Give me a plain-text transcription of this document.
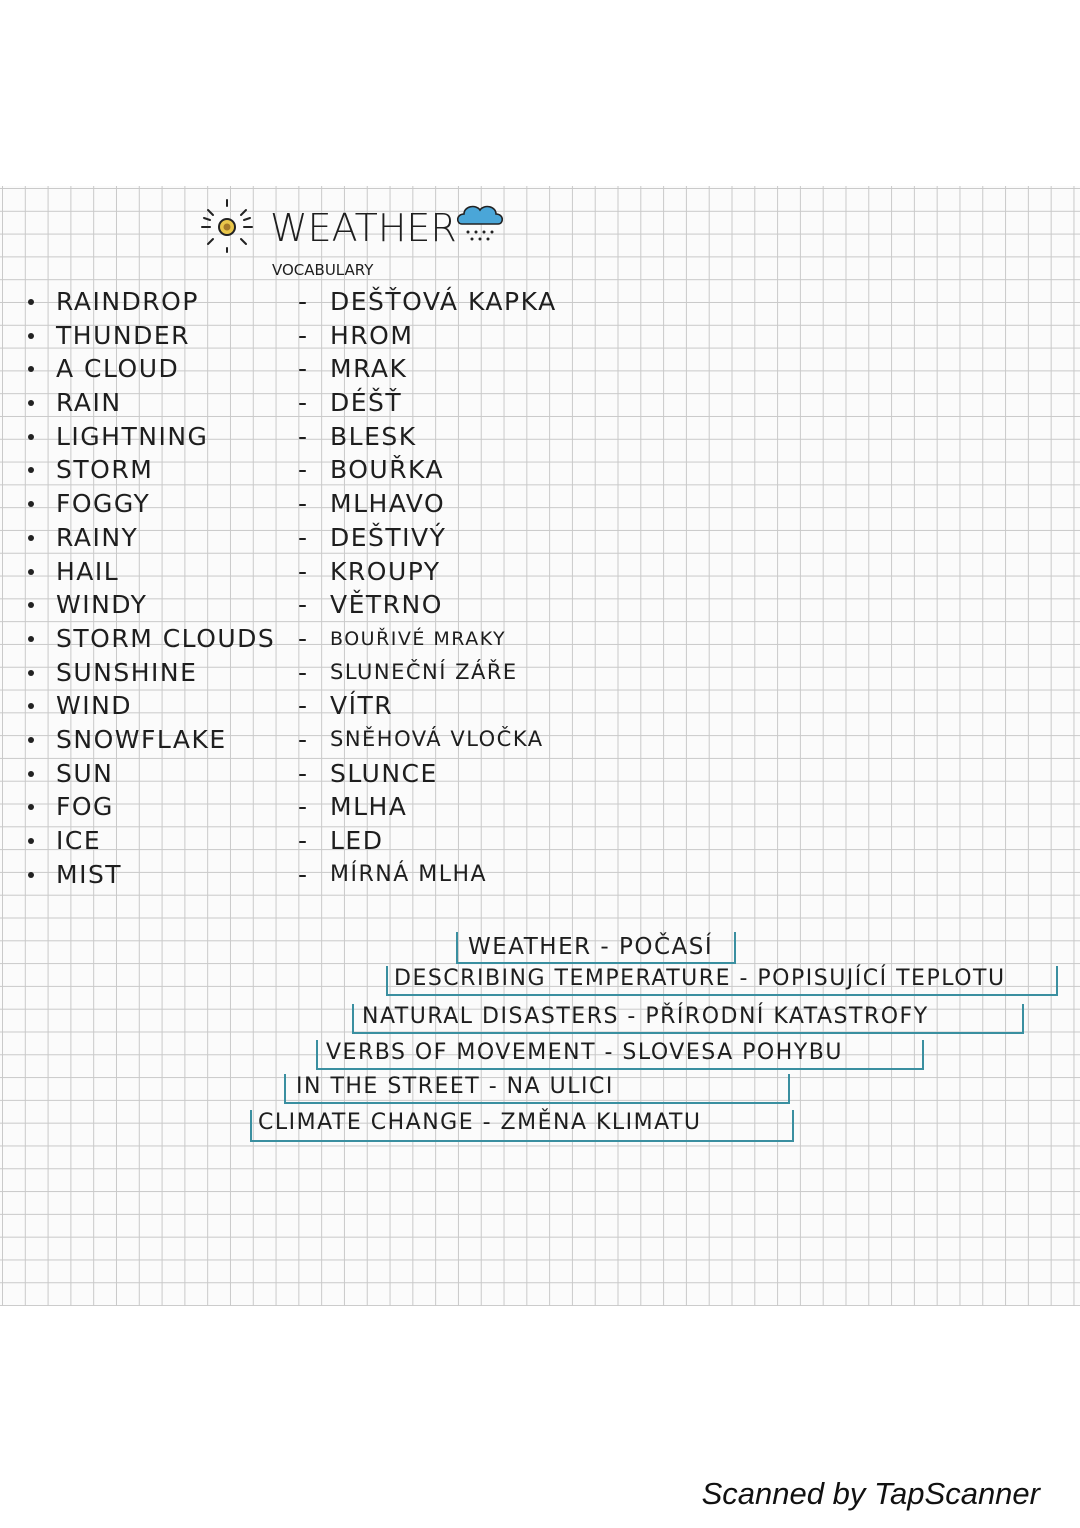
WEATHER
VOCABULARY
RAINDROP	- DEŠŤOVÁ KAPKA
THUNDER	- HROM
A CLOUD	- MRAK
RAIN	- DÉŠŤ
LIGHTNING	- BLESK
STORM	- BOUŘKA
FOGGY	- MLHAVO
RAINY	- DEŠTIVÝ
HAIL	- KROUPY
WINDY	- VĚTRNO
STORM CLOUDS - BOUŘIVÉ MRAKY
SUNSHINE	- SLUNEČNÍ ZÁŘE
WIND	- VÍTR
SNOWFLAKE	- SNĚHOVÁ VLOČKA
SUN	- SLUNCE
FOG	- MLHA
ICE	- LED
MIST	- MÍRNÁ MLHA
WEATHER - POČASÍ
DESCRIBING TEMPERATURE - POPISUJÍCÍ TEPLOTU
NATURAL DISASTERS - PŘÍRODNÍ KATASTROFY
VERBS OF MOVEMENT - SLOVESA POHYBU
IN THE STREET - NA ULICI
CLIMATE CHANGE - ZMĚNA KLIMATU
Scanned by TapScanner
